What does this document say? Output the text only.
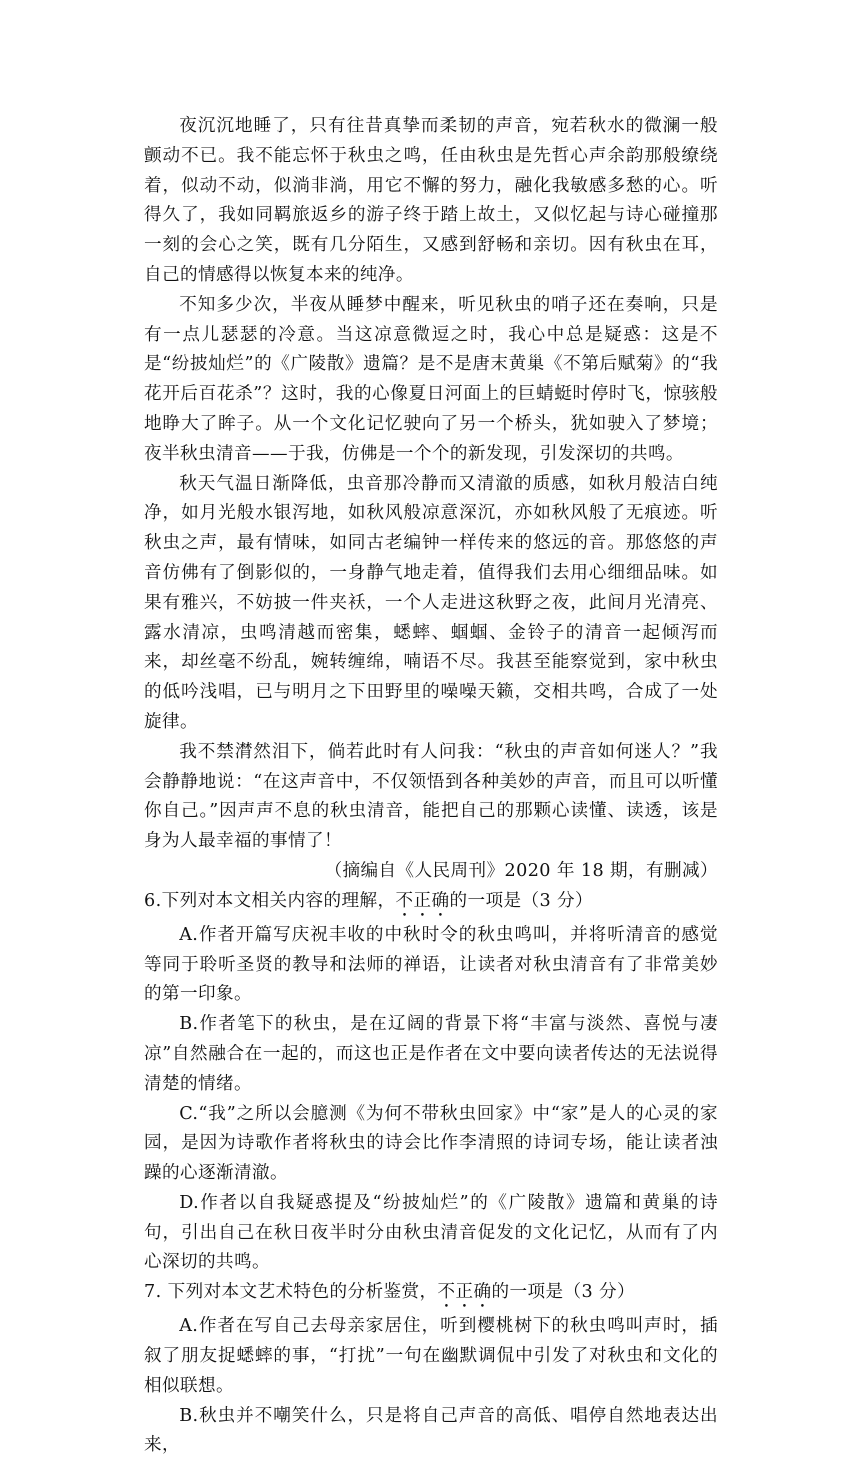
夜沉沉地睡了，只有往昔真挚而柔韧的声音，宛若秋水的微澜一般颤动不已。我不能忘怀于秋虫之鸣，任由秋虫是先哲心声余韵那般缭绕着，似动不动，似淌非淌，用它不懈的努力，融化我敏感多愁的心。听得久了，我如同羁旅返乡的游子终于踏上故土，又似忆起与诗心碰撞那一刻的会心之笑，既有几分陌生，又感到舒畅和亲切。因有秋虫在耳，自己的情感得以恢复本来的纯净。

不知多少次，半夜从睡梦中醒来，听见秋虫的哨子还在奏响，只是有一点儿瑟瑟的冷意。当这凉意微逗之时，我心中总是疑惑：这是不是“纷披灿烂”的《广陵散》遗篇？是不是唐末黄巢《不第后赋菊》的“我花开后百花杀”？这时，我的心像夏日河面上的巨蜻蜓时停时飞，惊骇般地睁大了眸子。从一个文化记忆驶向了另一个桥头，犹如驶入了梦境；夜半秋虫清音——于我，仿佛是一个个的新发现，引发深切的共鸣。

秋天气温日渐降低，虫音那冷静而又清澈的质感，如秋月般洁白纯净，如月光般水银泻地，如秋风般凉意深沉，亦如秋风般了无痕迹。听秋虫之声，最有情味，如同古老编钟一样传来的悠远的音。那悠悠的声音仿佛有了倒影似的，一身静气地走着，值得我们去用心细细品味。如果有雅兴，不妨披一件夹袄，一个人走进这秋野之夜，此间月光清亮、露水清凉，虫鸣清越而密集，蟋蟀、蝈蝈、金铃子的清音一起倾泻而来，却丝毫不纷乱，婉转缠绵，喃语不尽。我甚至能察觉到，家中秋虫的低吟浅唱，已与明月之下田野里的噪噪天籁，交相共鸣，合成了一处旋律。

我不禁潸然泪下，倘若此时有人问我：“秋虫的声音如何迷人？”我会静静地说：“在这声音中，不仅领悟到各种美妙的声音，而且可以听懂你自己。”因声声不息的秋虫清音，能把自己的那颗心读懂、读透，该是身为人最幸福的事情了！

（摘编自《人民周刊》2020 年 18 期，有删减）

6.下列对本文相关内容的理解，不正确的一项是（3 分）

A.作者开篇写庆祝丰收的中秋时令的秋虫鸣叫，并将听清音的感觉等同于聆听圣贤的教导和法师的禅语，让读者对秋虫清音有了非常美妙的第一印象。

B.作者笔下的秋虫，是在辽阔的背景下将“丰富与淡然、喜悦与凄凉”自然融合在一起的，而这也正是作者在文中要向读者传达的无法说得清楚的情绪。

C.“我”之所以会臆测《为何不带秋虫回家》中“家”是人的心灵的家园，是因为诗歌作者将秋虫的诗会比作李清照的诗词专场，能让读者浊躁的心逐渐清澈。

D.作者以自我疑惑提及“纷披灿烂”的《广陵散》遗篇和黄巢的诗句，引出自己在秋日夜半时分由秋虫清音促发的文化记忆，从而有了内心深切的共鸣。

7. 下列对本文艺术特色的分析鉴赏，不正确的一项是（3 分）

A.作者在写自己去母亲家居住，听到樱桃树下的秋虫鸣叫声时，插叙了朋友捉蟋蟀的事，“打扰”一句在幽默调侃中引发了对秋虫和文化的相似联想。

B.秋虫并不嘲笑什么，只是将自己声音的高低、唱停自然地表达出来，
